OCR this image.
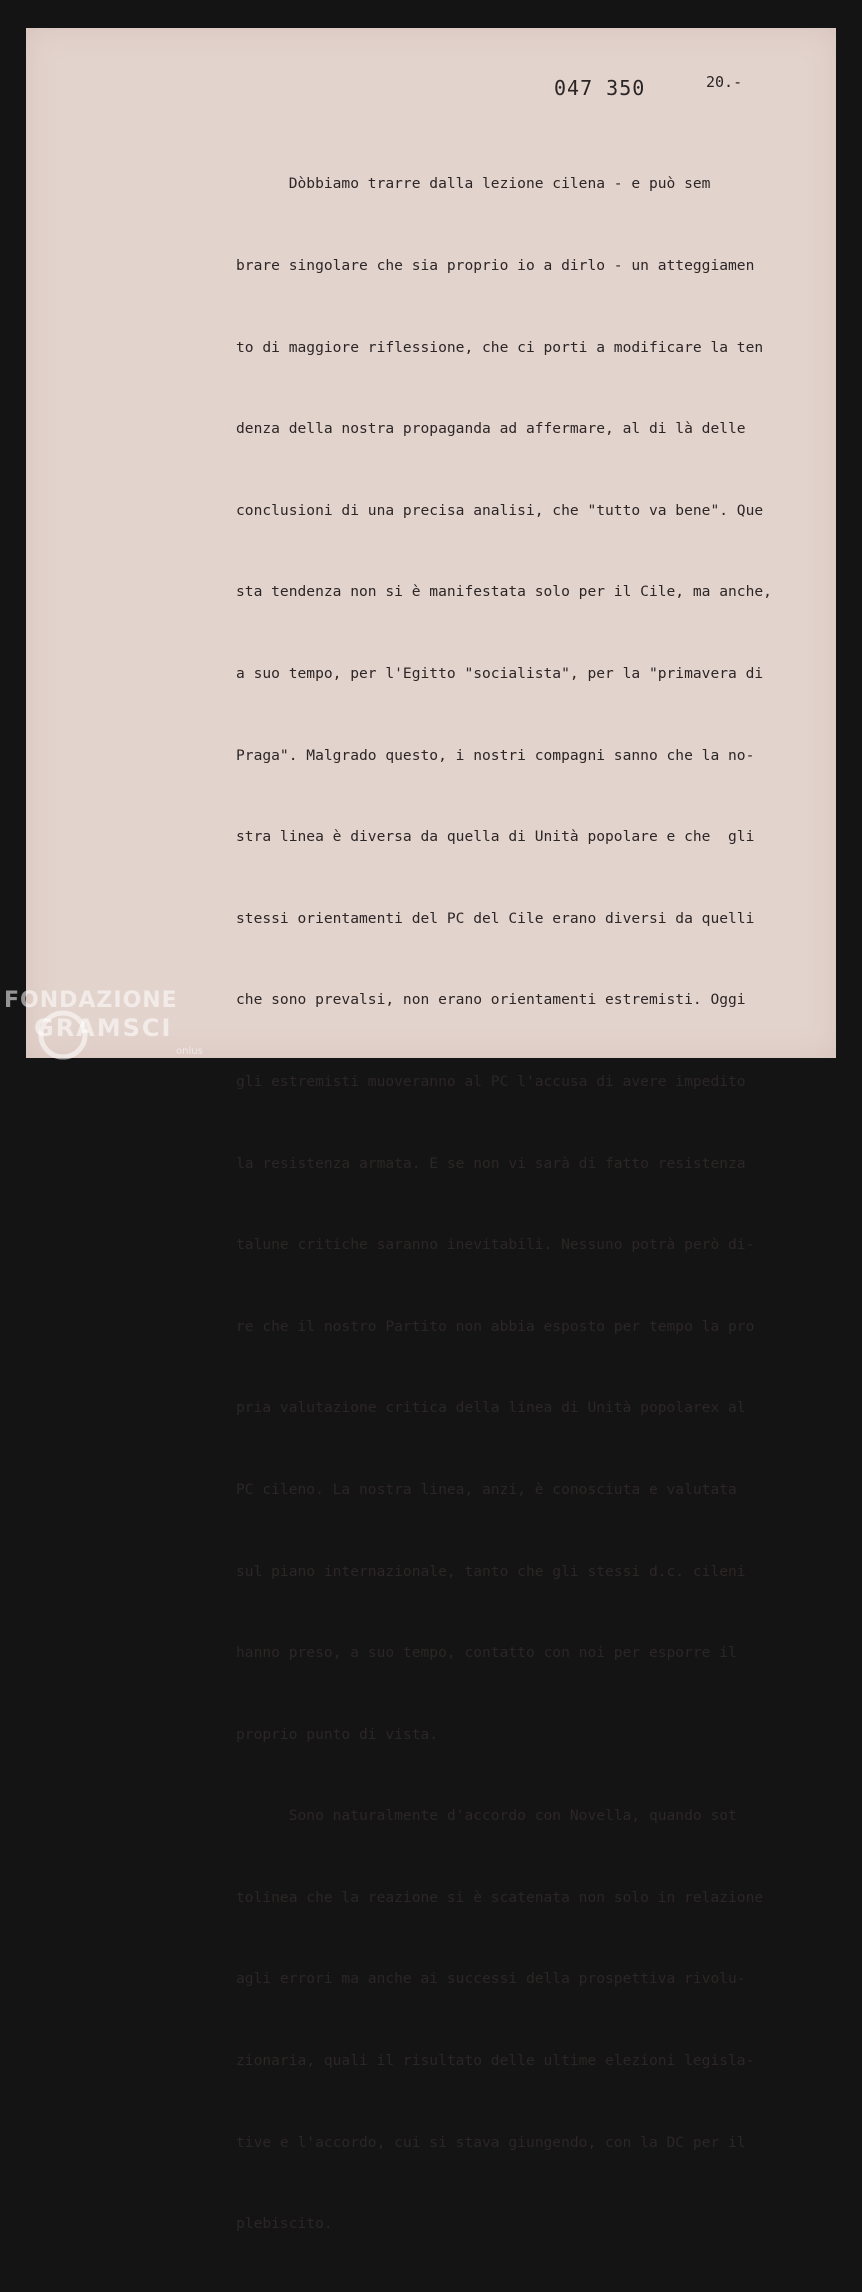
047 350	20.-

Dòbbiamo trarre dalla lezione cilena - e può sem

brare singolare che sia proprio io a dirlo - un atteggiamen

to di maggiore riflessione, che ci porti a modificare la ten

denza della nostra propaganda ad affermare, al di là delle

conclusioni di una precisa analisi, che "tutto va bene". Que

sta tendenza non si è manifestata solo per il Cile, ma anche,

a suo tempo, per l'Egitto "socialista", per la "primavera di

Praga". Malgrado questo, i nostri compagni sanno che la no-

stra linea è diversa da quella di Unità popolare e che  gli

stessi orientamenti del PC del Cile erano diversi da quelli

che sono prevalsi, non erano orientamenti estremisti. Oggi

gli estremisti muoveranno al PC l'accusa di avere impedito

la resistenza armata. E se non vi sarà di fatto resistenza

talune critiche saranno inevitabili. Nessuno potrà però di-

re che il nostro Partito non abbia esposto per tempo la pro

pria valutazione critica della linea di Unità popolarex al

PC cileno. La nostra linea, anzi, è conosciuta e valutata

sul piano internazionale, tanto che gli stessi d.c. cileni

hanno preso, a suo tempo, contatto con noi per esporre il

proprio punto di vista.

Sono naturalmente d'accordo con Novella, quando sot

tolinea che la reazione si è scatenata non solo in relazione

agli errori ma anche ai successi della prospettiva rivolu-

zionaria, quali il risultato delle ultime elezioni legisla-

tive e l'accordo, cui si stava giungendo, con la DC per il

plebiscito.

FONDAZIONE
GRAMSCI
onlus
